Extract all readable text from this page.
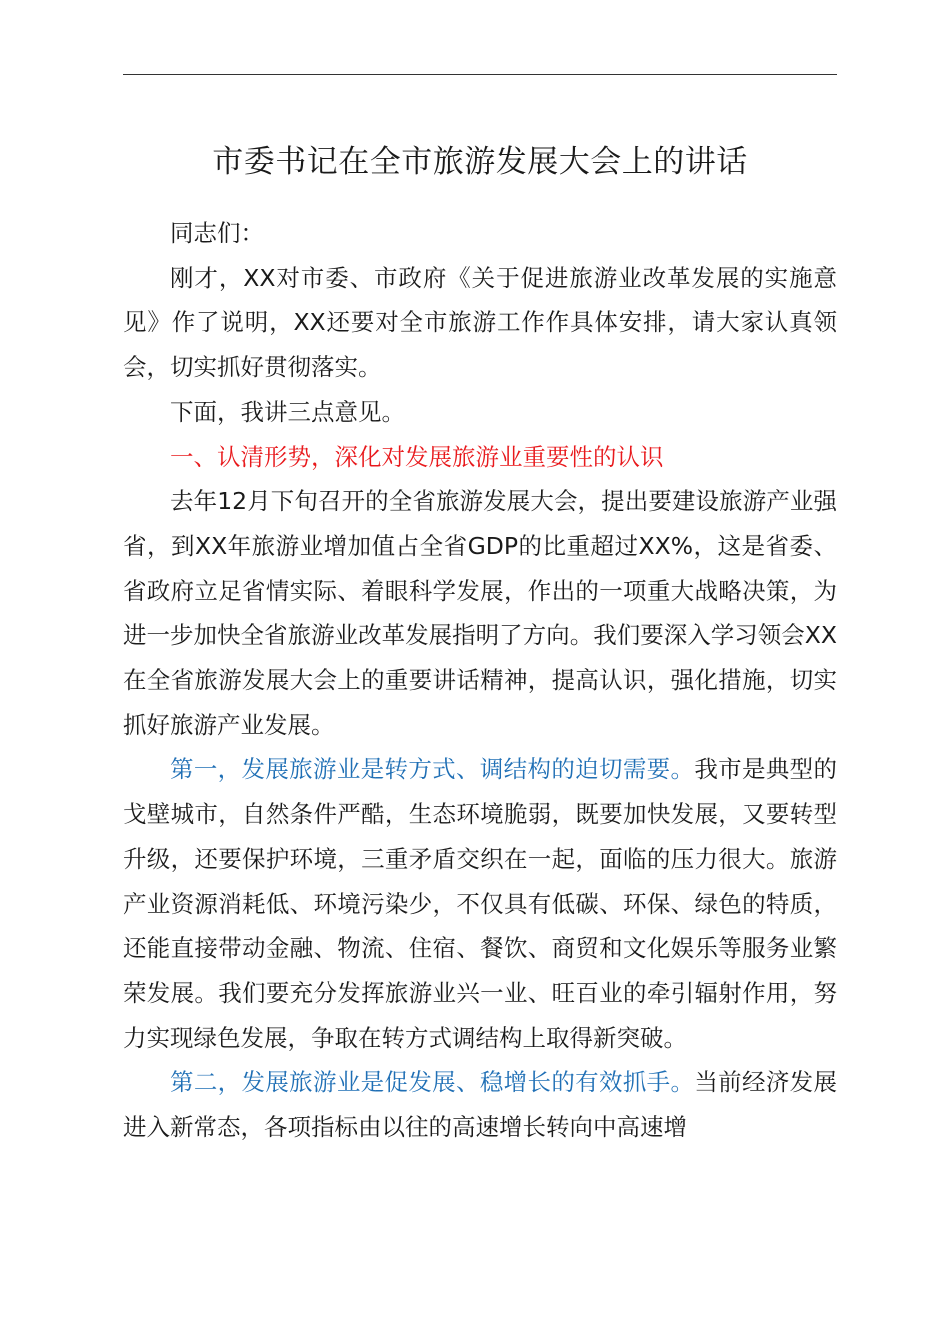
市委书记在全市旅游发展大会上的讲话

同志们：

刚才，XX对市委、市政府《关于促进旅游业改革发展的实施意见》作了说明，XX还要对全市旅游工作作具体安排，请大家认真领会，切实抓好贯彻落实。

下面，我讲三点意见。

一、认清形势，深化对发展旅游业重要性的认识

去年12月下旬召开的全省旅游发展大会，提出要建设旅游产业强省，到XX年旅游业增加值占全省GDP的比重超过XX%，这是省委、省政府立足省情实际、着眼科学发展，作出的一项重大战略决策，为进一步加快全省旅游业改革发展指明了方向。我们要深入学习领会XX在全省旅游发展大会上的重要讲话精神，提高认识，强化措施，切实抓好旅游产业发展。

第一，发展旅游业是转方式、调结构的迫切需要。我市是典型的戈壁城市，自然条件严酷，生态环境脆弱，既要加快发展，又要转型升级，还要保护环境，三重矛盾交织在一起，面临的压力很大。旅游产业资源消耗低、环境污染少，不仅具有低碳、环保、绿色的特质，还能直接带动金融、物流、住宿、餐饮、商贸和文化娱乐等服务业繁荣发展。我们要充分发挥旅游业兴一业、旺百业的牵引辐射作用，努力实现绿色发展，争取在转方式调结构上取得新突破。

第二，发展旅游业是促发展、稳增长的有效抓手。当前经济发展进入新常态，各项指标由以往的高速增长转向中高速增
